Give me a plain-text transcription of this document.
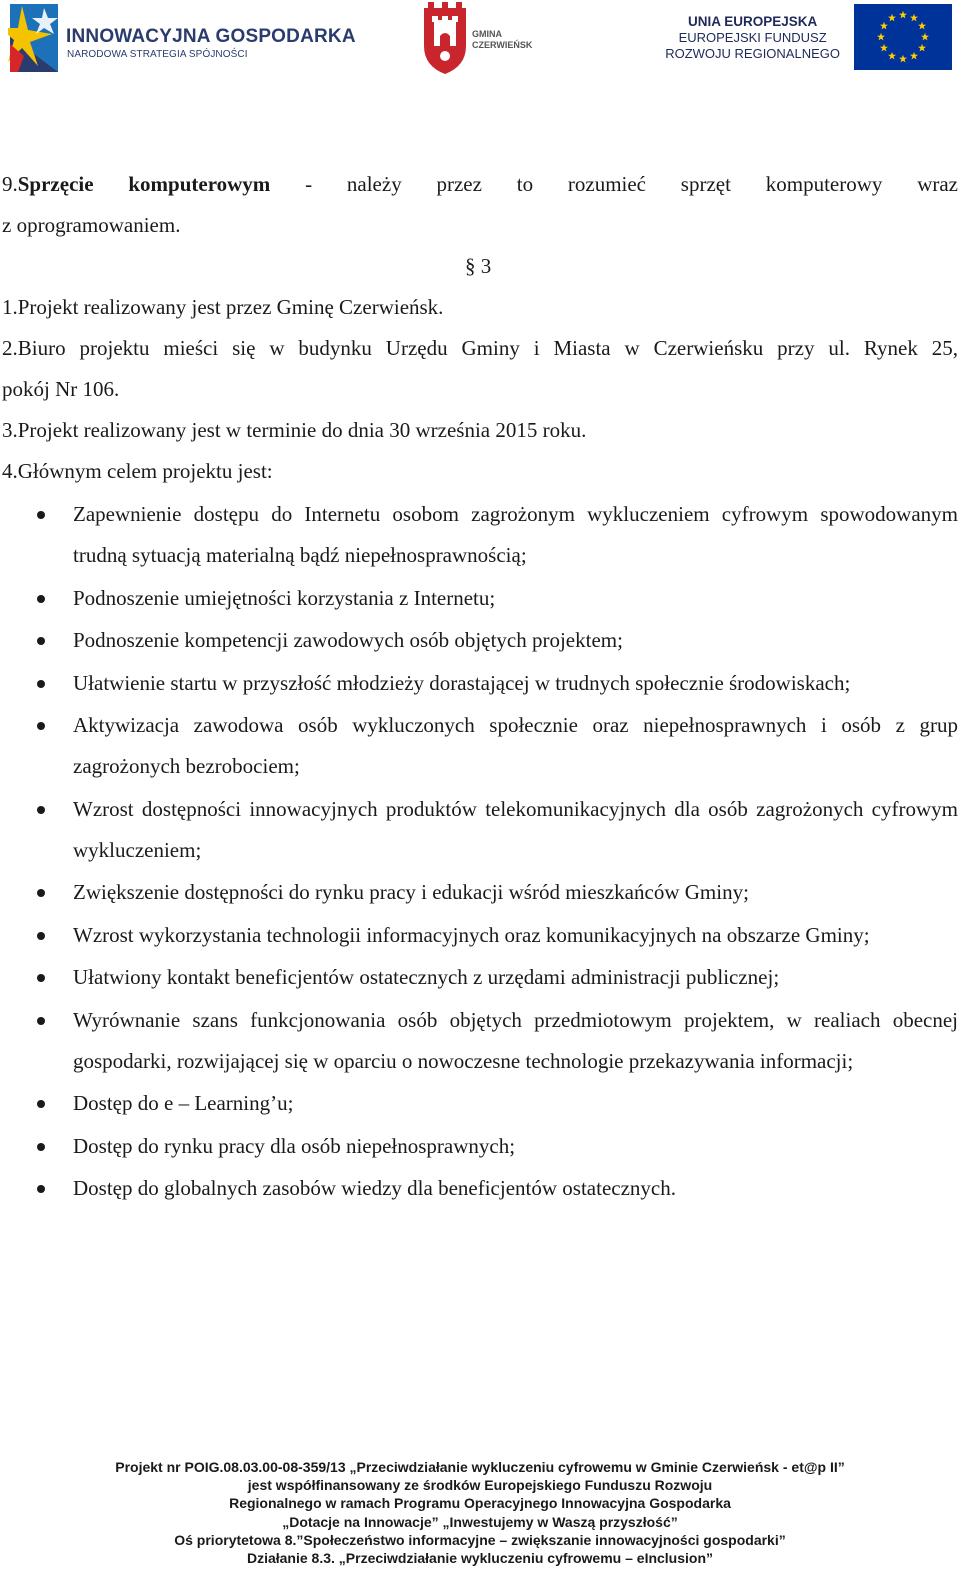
INNOWACYJNA GOSPODARKA
NARODOWA STRATEGIA SPÓJNOŚCI
GMINA
CZERWIEŃSK
UNIA EUROPEJSKA
EUROPEJSKI FUNDUSZ
ROZWOJU REGIONALNEGO

9.Sprzęcie komputerowym - należy przez to rozumieć sprzęt komputerowy wraz
z oprogramowaniem.

§ 3

1.Projekt realizowany jest przez Gminę Czerwieńsk.

2.Biuro projektu mieści się w budynku Urzędu Gminy i Miasta w Czerwieńsku przy ul. Rynek 25,
pokój Nr 106.

3.Projekt realizowany jest w terminie do dnia 30 września 2015 roku.

4.Głównym celem projektu jest:

Zapewnienie dostępu do Internetu osobom zagrożonym wykluczeniem cyfrowym spowodowanym trudną sytuacją materialną bądź niepełnosprawnością;
Podnoszenie umiejętności korzystania z Internetu;
Podnoszenie kompetencji zawodowych osób objętych projektem;
Ułatwienie startu w przyszłość młodzieży dorastającej w trudnych społecznie środowiskach;
Aktywizacja zawodowa osób wykluczonych społecznie oraz niepełnosprawnych i osób z grup zagrożonych bezrobociem;
Wzrost dostępności innowacyjnych produktów telekomunikacyjnych dla osób zagrożonych cyfrowym wykluczeniem;
Zwiększenie dostępności do rynku pracy i edukacji wśród mieszkańców Gminy;
Wzrost wykorzystania technologii informacyjnych oraz komunikacyjnych na obszarze Gminy;
Ułatwiony kontakt beneficjentów ostatecznych z urzędami administracji publicznej;
Wyrównanie szans funkcjonowania osób objętych przedmiotowym projektem, w realiach obecnej gospodarki, rozwijającej się w oparciu o nowoczesne technologie przekazywania informacji;
Dostęp do e – Learning’u;
Dostęp do rynku pracy dla osób niepełnosprawnych;
Dostęp do globalnych zasobów wiedzy dla beneficjentów ostatecznych.
Projekt nr POIG.08.03.00-08-359/13 „Przeciwdziałanie wykluczeniu cyfrowemu w Gminie Czerwieńsk - et@p II”
jest współfinansowany ze środków Europejskiego Funduszu Rozwoju
Regionalnego w ramach Programu Operacyjnego Innowacyjna Gospodarka
„Dotacje na Innowacje” „Inwestujemy w Waszą przyszłość”
Oś priorytetowa 8.”Społeczeństwo informacyjne – zwiększanie innowacyjności gospodarki”
Działanie 8.3. „Przeciwdziałanie wykluczeniu cyfrowemu – eInclusion”
